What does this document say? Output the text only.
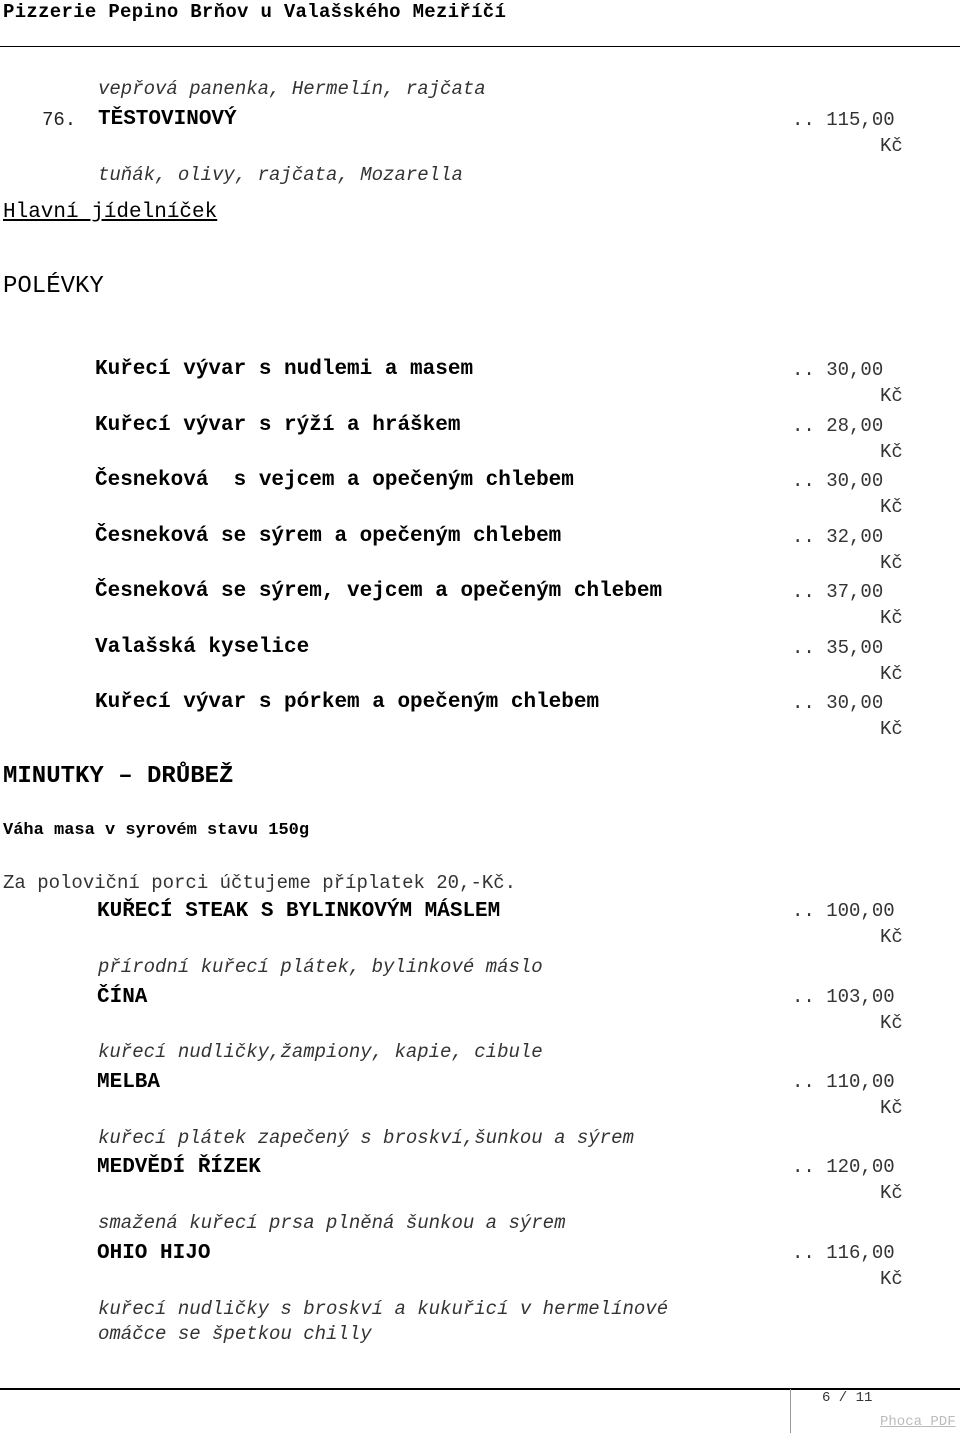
Pizzerie Pepino Brňov u Valašského Meziříčí
vepřová panenka, Hermelín, rajčata
76. TĚSTOVINOVÝ	.. 115,00
Kč
tuňák, olivy, rajčata, Mozarella
Hlavní jídelníček
POLÉVKY
Kuřecí vývar s nudlemi a masem	.. 30,00
Kč
Kuřecí vývar s rýží a hráškem	.. 28,00
Kč
Česneková  s vejcem a opečeným chlebem	.. 30,00
Kč
Česneková se sýrem a opečeným chlebem	.. 32,00
Kč
Česneková se sýrem, vejcem a opečeným chlebem	.. 37,00
Kč
Valašská kyselice	.. 35,00
Kč
Kuřecí vývar s pórkem a opečeným chlebem	.. 30,00
Kč
MINUTKY – DRŮBEŽ
Váha masa v syrovém stavu 150g
Za poloviční porci účtujeme příplatek 20,-Kč.
KUŘECÍ STEAK S BYLINKOVÝM MÁSLEM	.. 100,00
Kč
přírodní kuřecí plátek, bylinkové máslo
ČÍNA	.. 103,00
Kč
kuřecí nudličky,žampiony, kapie, cibule
MELBA	.. 110,00
Kč
kuřecí plátek zapečený s broskví,šunkou a sýrem
MEDVĚDÍ ŘÍZEK	.. 120,00
Kč
smažená kuřecí prsa plněná šunkou a sýrem
OHIO HIJO	.. 116,00
Kč
kuřecí nudličky s broskví a kukuřicí v hermelínové
omáčce se špetkou chilly
6 / 11
Phoca PDF
